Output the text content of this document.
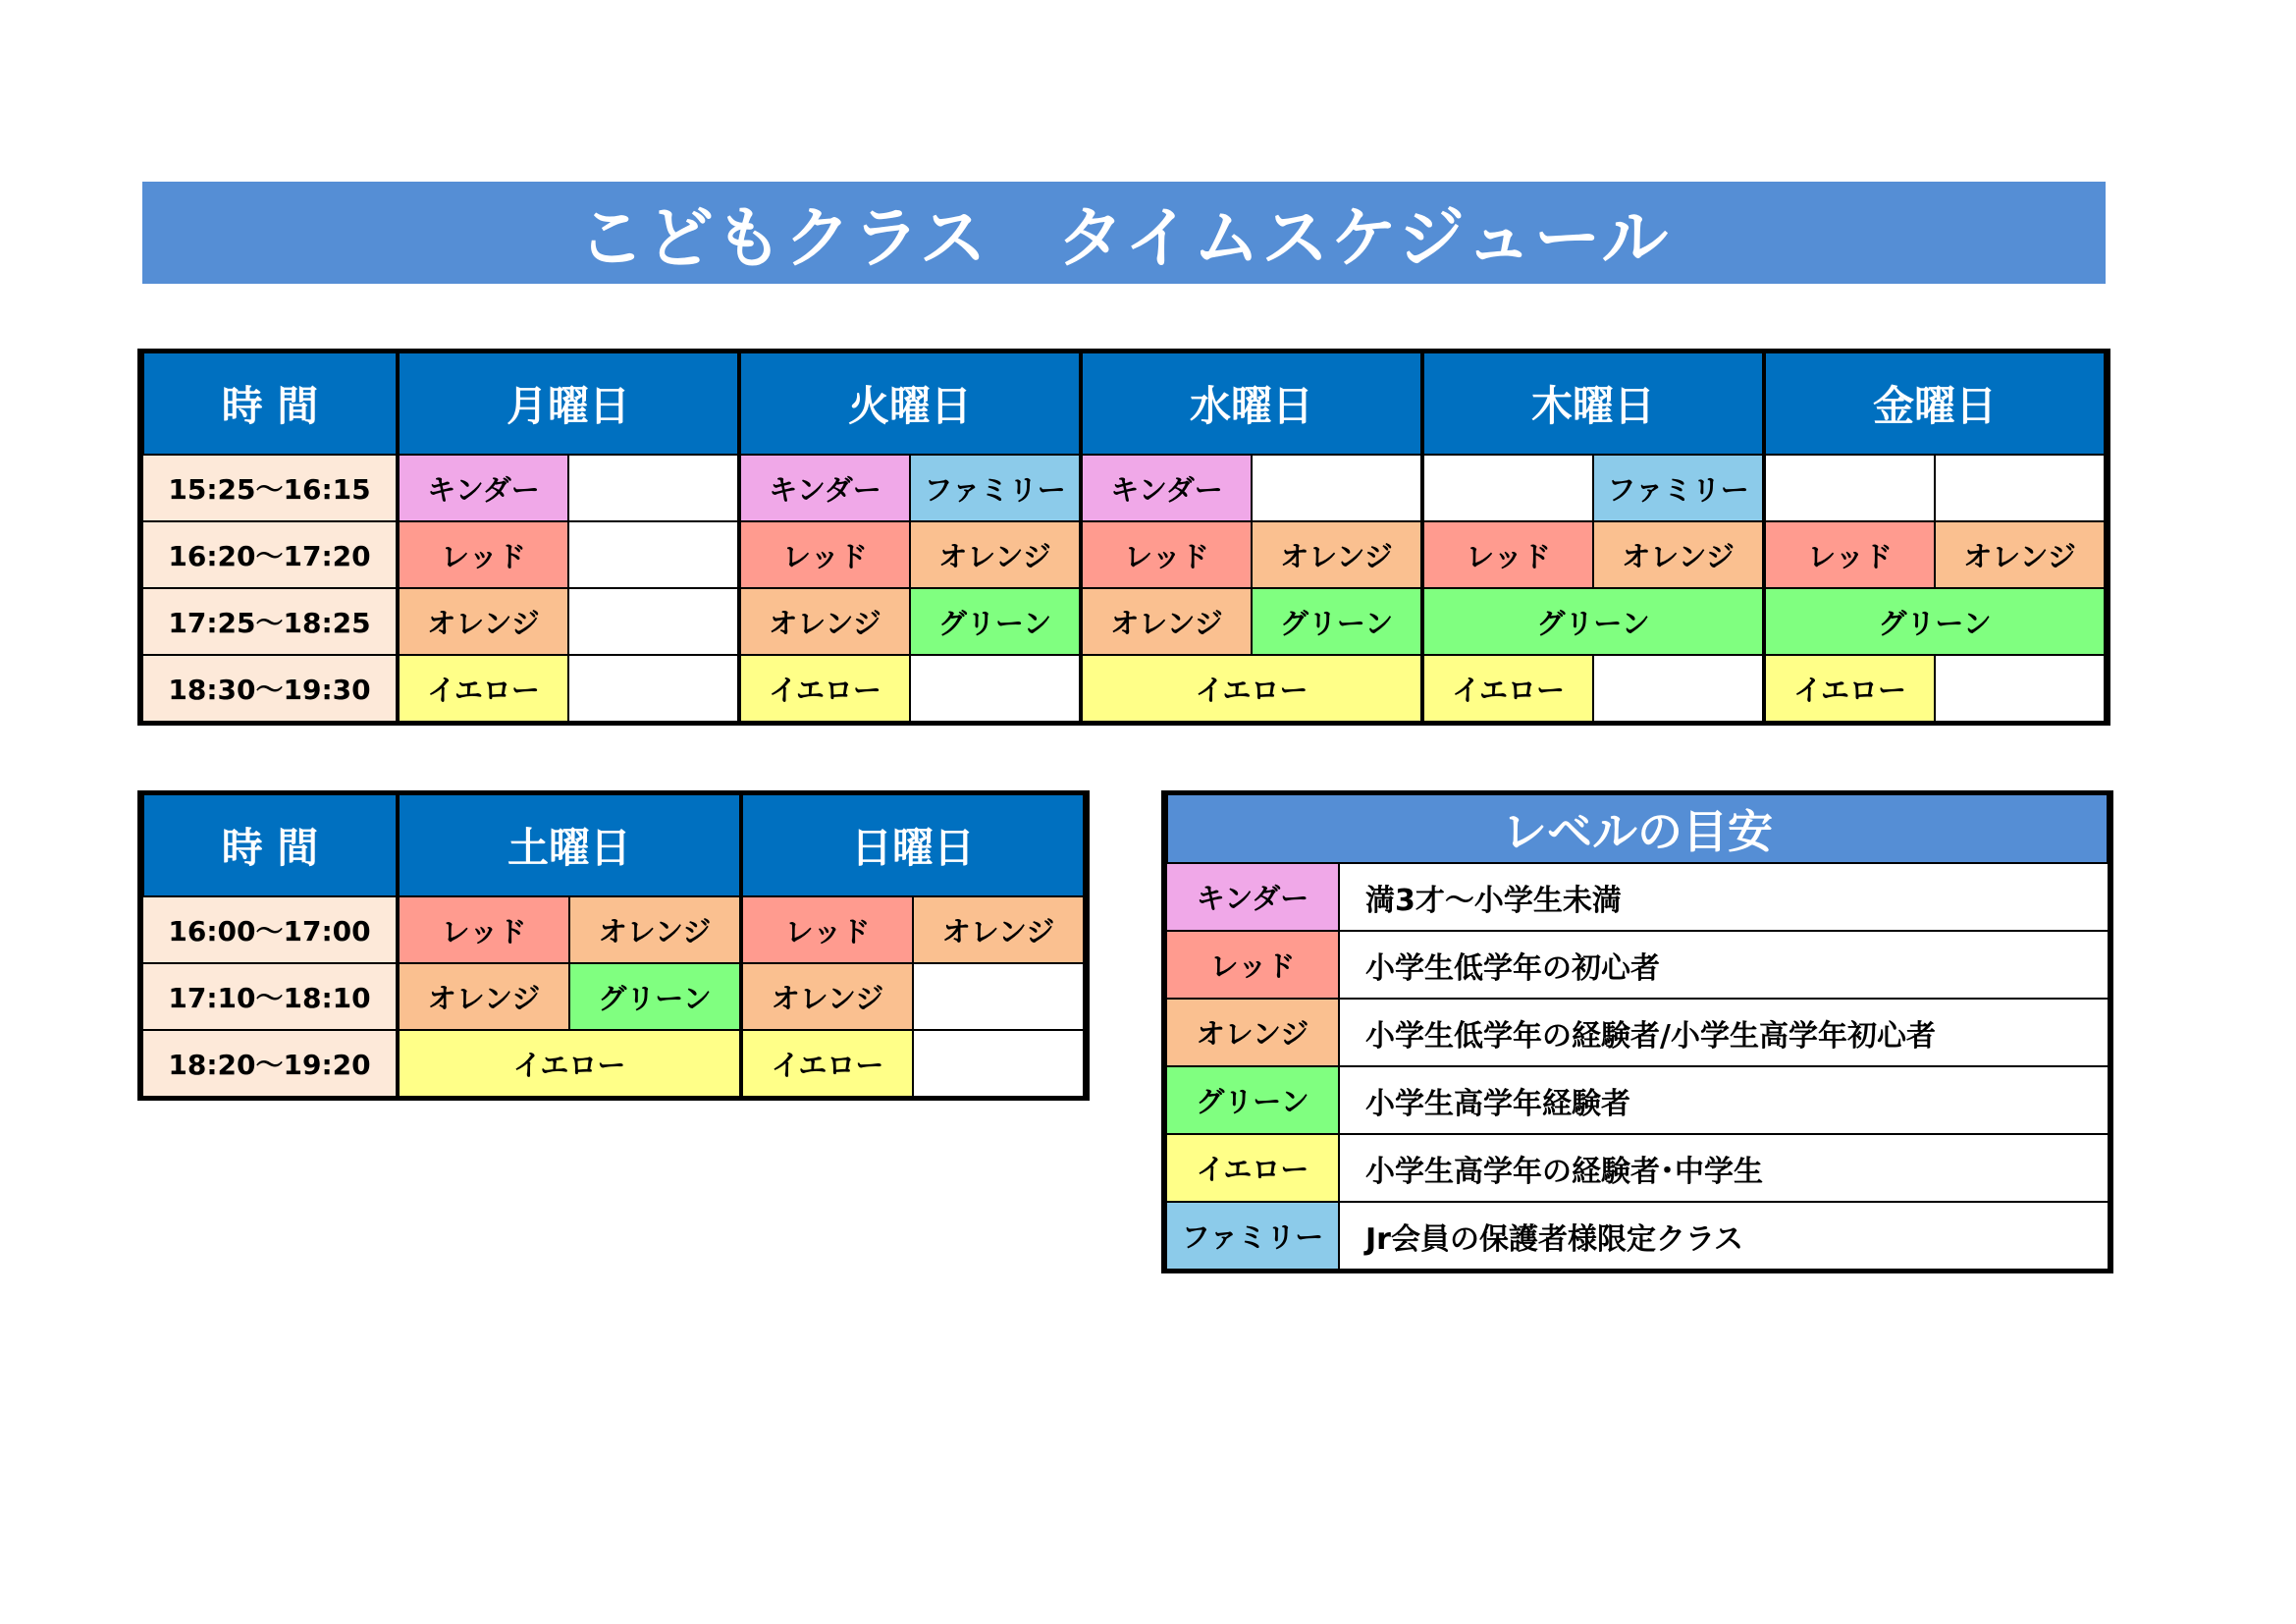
こどもクラス　タイムスケジュール
時 間	月曜日		火曜日		水曜日		木曜日		金曜日	
15:25～16:15	キンダー		キンダー	ファミリー	キンダー			ファミリー		
16:20～17:20	レッド		レッド	オレンジ	レッド	オレンジ	レッド	オレンジ	レッド	オレンジ
17:25～18:25	オレンジ		オレンジ	グリーン	オレンジ	グリーン	グリーン		グリーン	
18:30～19:30	イエロー		イエロー		イエロー		イエロー		イエロー	
時 間	土曜日		日曜日	
16:00～17:00	レッド	オレンジ	レッド	オレンジ
17:10～18:10	オレンジ	グリーン	オレンジ	
18:20～19:20	イエロー		イエロー	
レベルの目安	
キンダー	満3才～小学生未満
レッド	小学生低学年の初心者
オレンジ	小学生低学年の経験者/小学生高学年初心者
グリーン	小学生高学年経験者
イエロー	小学生高学年の経験者･中学生
ファミリー	Jr会員の保護者様限定クラス
